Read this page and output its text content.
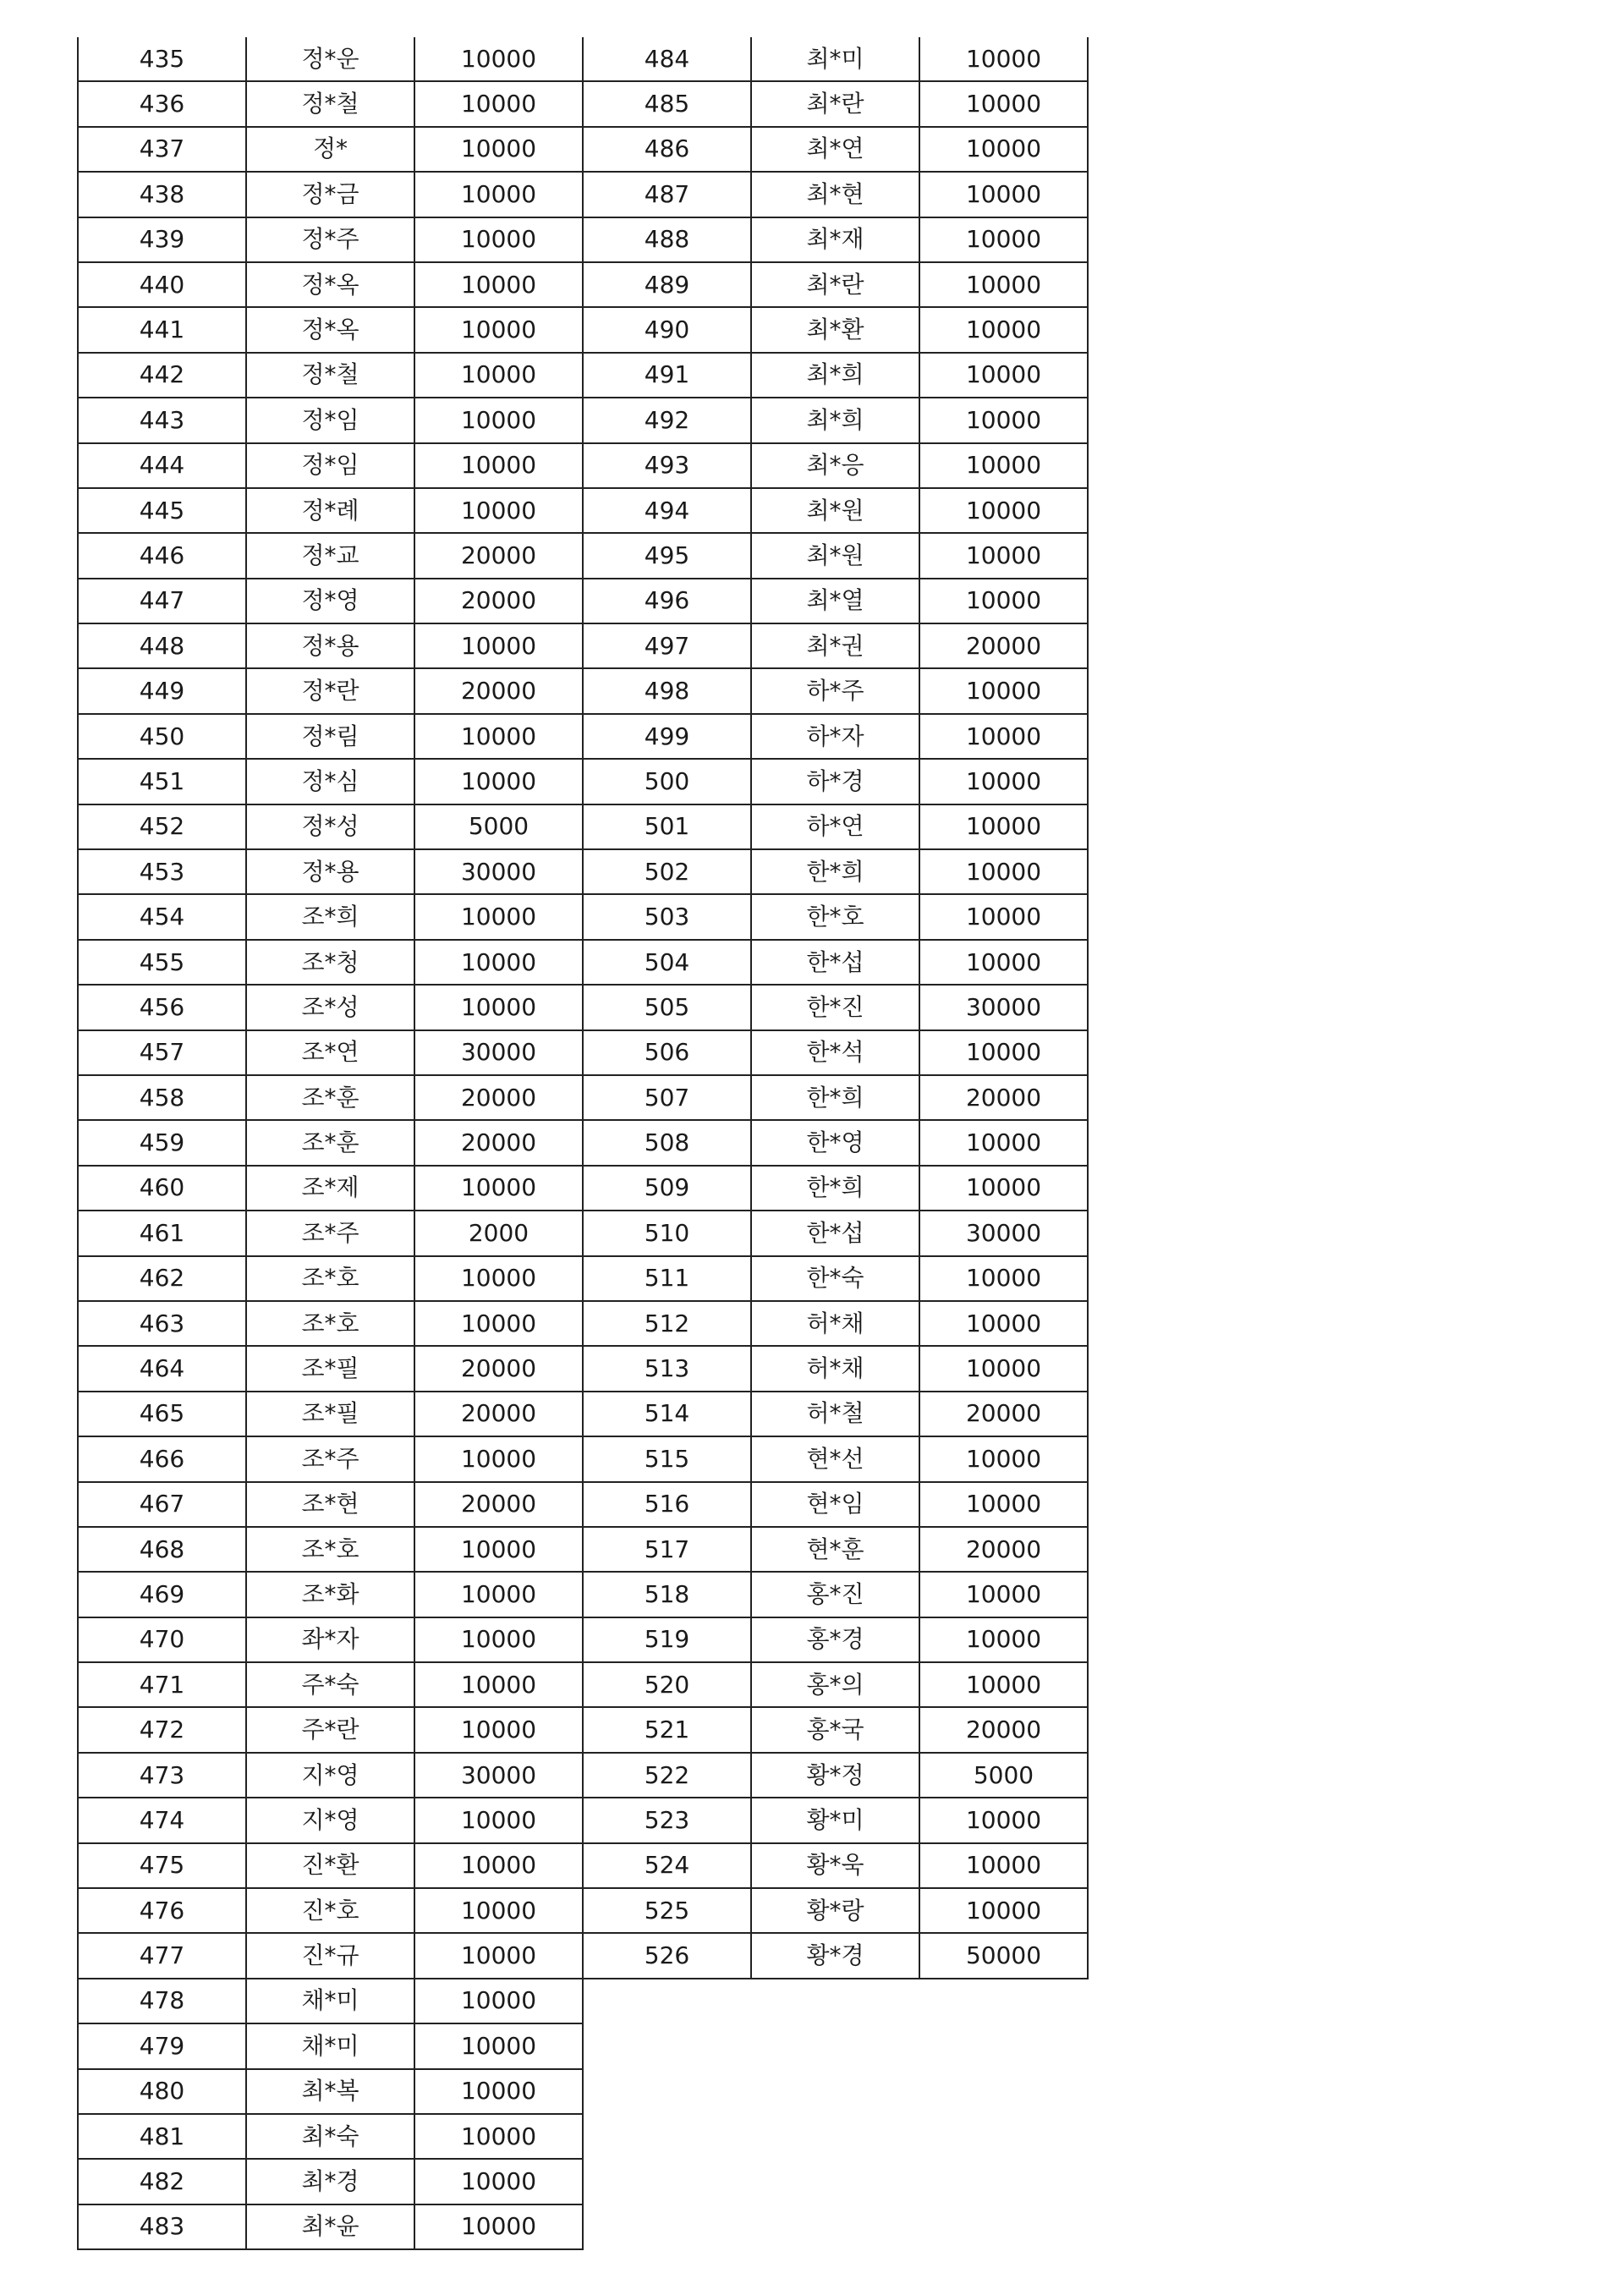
435	정*운	10000
436	정*철	10000
437	정*	10000
438	정*금	10000
439	정*주	10000
440	정*옥	10000
441	정*옥	10000
442	정*철	10000
443	정*임	10000
444	정*임	10000
445	정*례	10000
446	정*교	20000
447	정*영	20000
448	정*용	10000
449	정*란	20000
450	정*림	10000
451	정*심	10000
452	정*성	5000
453	정*용	30000
454	조*희	10000
455	조*청	10000
456	조*성	10000
457	조*연	30000
458	조*훈	20000
459	조*훈	20000
460	조*제	10000
461	조*주	2000
462	조*호	10000
463	조*호	10000
464	조*필	20000
465	조*필	20000
466	조*주	10000
467	조*현	20000
468	조*호	10000
469	조*화	10000
470	좌*자	10000
471	주*숙	10000
472	주*란	10000
473	지*영	30000
474	지*영	10000
475	진*환	10000
476	진*호	10000
477	진*규	10000
478	채*미	10000
479	채*미	10000
480	최*복	10000
481	최*숙	10000
482	최*경	10000
483	최*윤	10000
484	최*미	10000
485	최*란	10000
486	최*연	10000
487	최*현	10000
488	최*재	10000
489	최*란	10000
490	최*환	10000
491	최*희	10000
492	최*희	10000
493	최*응	10000
494	최*원	10000
495	최*원	10000
496	최*열	10000
497	최*권	20000
498	하*주	10000
499	하*자	10000
500	하*경	10000
501	하*연	10000
502	한*희	10000
503	한*호	10000
504	한*섭	10000
505	한*진	30000
506	한*석	10000
507	한*희	20000
508	한*영	10000
509	한*희	10000
510	한*섭	30000
511	한*숙	10000
512	허*채	10000
513	허*채	10000
514	허*철	20000
515	현*선	10000
516	현*임	10000
517	현*훈	20000
518	홍*진	10000
519	홍*경	10000
520	홍*의	10000
521	홍*국	20000
522	황*정	5000
523	황*미	10000
524	황*욱	10000
525	황*랑	10000
526	황*경	50000
